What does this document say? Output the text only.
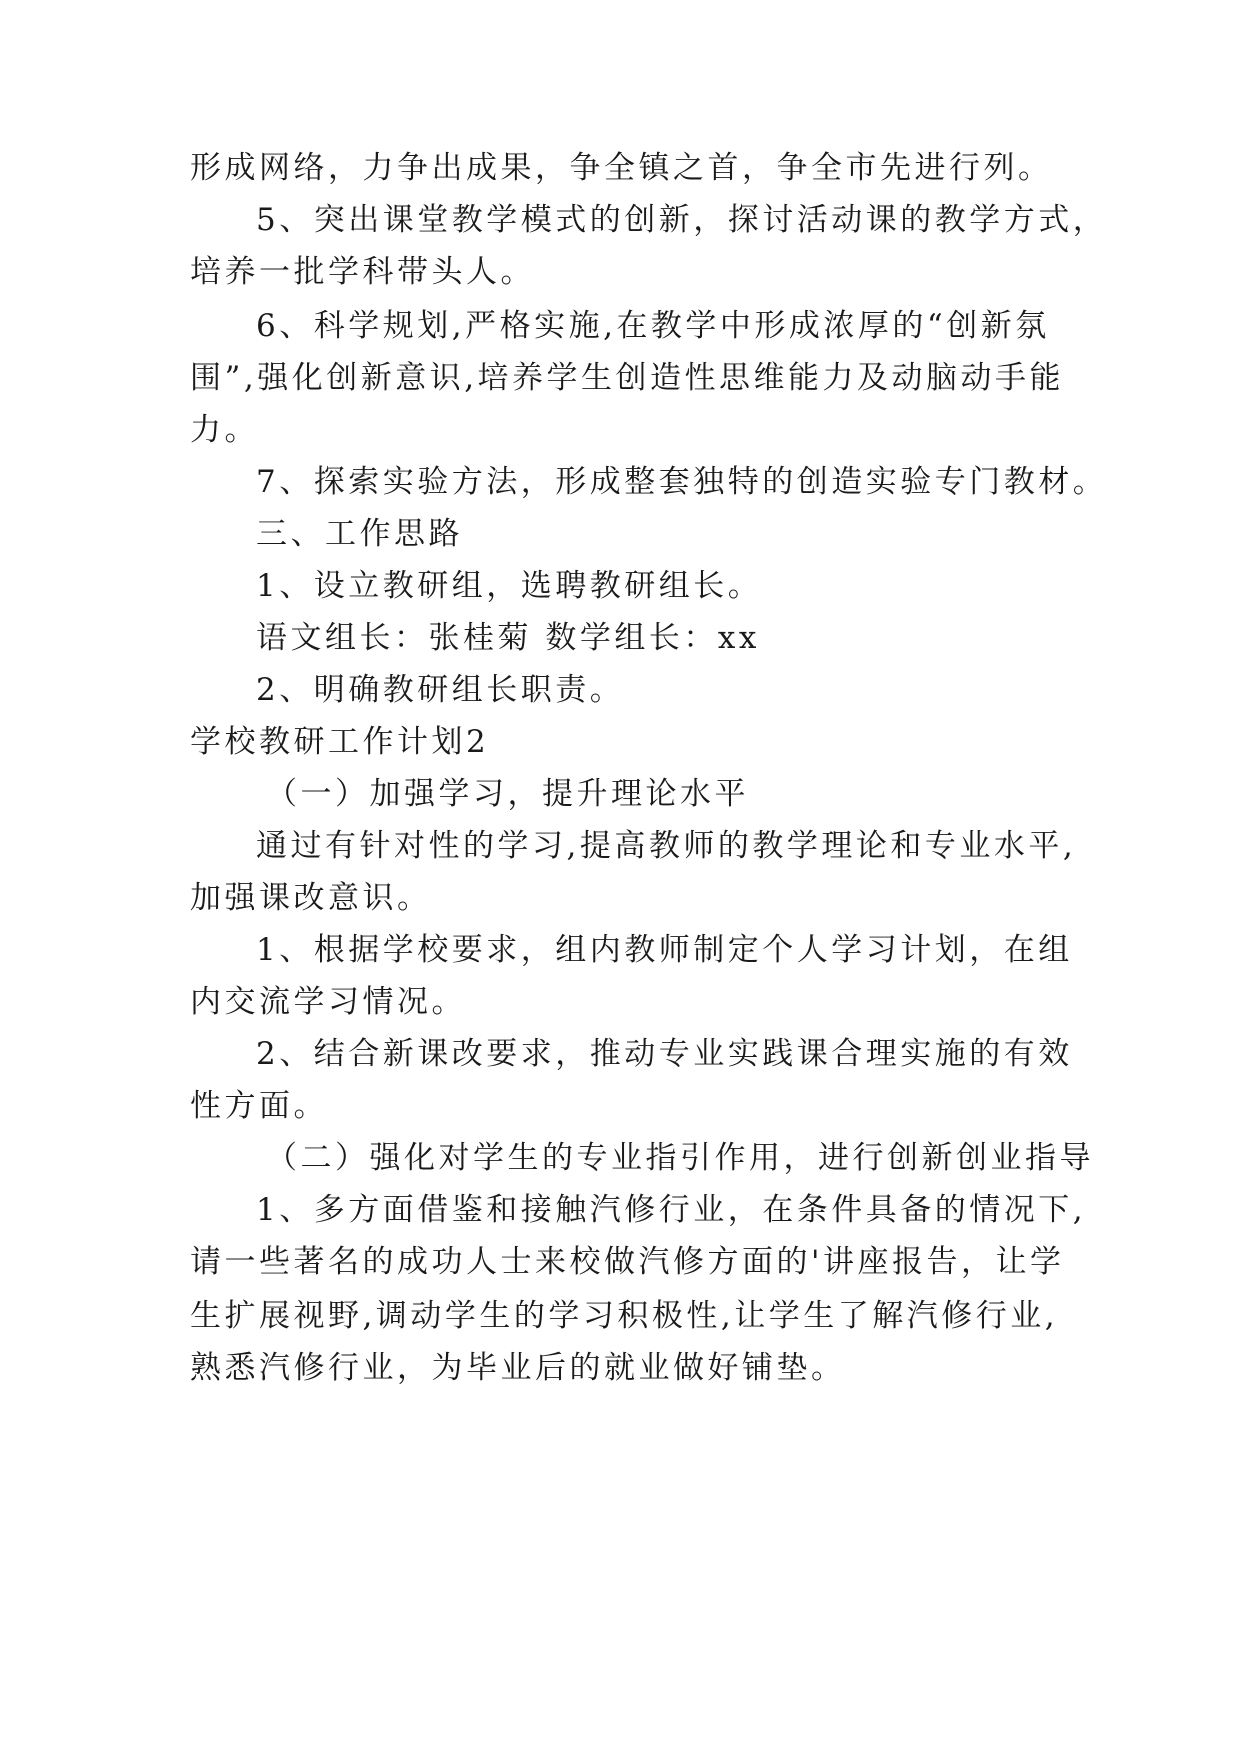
形成网络，力争出成果，争全镇之首，争全市先进行列。
5、突出课堂教学模式的创新，探讨活动课的教学方式，
培养一批学科带头人。
6、科学规划,严格实施,在教学中形成浓厚的“创新氛
围”,强化创新意识,培养学生创造性思维能力及动脑动手能
力。
7、探索实验方法，形成整套独特的创造实验专门教材。
三、工作思路
1、设立教研组，选聘教研组长。
语文组长：张桂菊 数学组长：xx
2、明确教研组长职责。
学校教研工作计划2
（一）加强学习，提升理论水平
通过有针对性的学习,提高教师的教学理论和专业水平,
加强课改意识。
1、根据学校要求，组内教师制定个人学习计划，在组
内交流学习情况。
2、结合新课改要求，推动专业实践课合理实施的有效
性方面。
（二）强化对学生的专业指引作用，进行创新创业指导
1、多方面借鉴和接触汽修行业，在条件具备的情况下,
请一些著名的成功人士来校做汽修方面的'讲座报告，让学
生扩展视野,调动学生的学习积极性,让学生了解汽修行业,
熟悉汽修行业，为毕业后的就业做好铺垫。
